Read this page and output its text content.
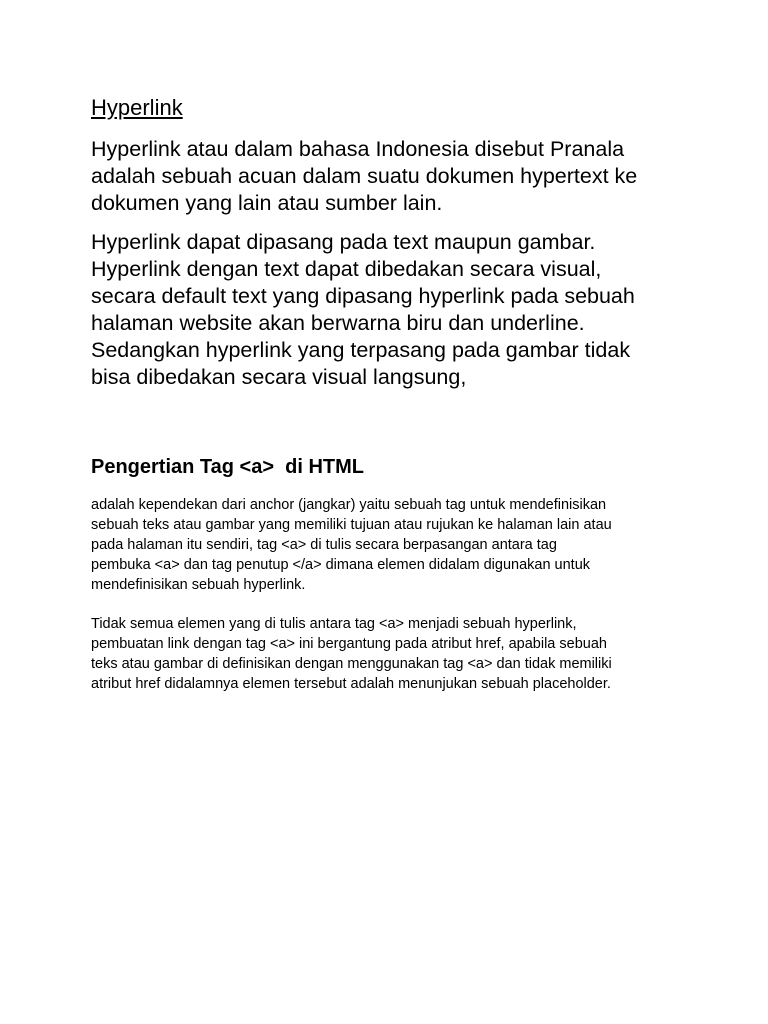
Hyperlink

Hyperlink atau dalam bahasa Indonesia disebut Pranala
adalah sebuah acuan dalam suatu dokumen hypertext ke
dokumen yang lain atau sumber lain.

Hyperlink dapat dipasang pada text maupun gambar.
Hyperlink dengan text dapat dibedakan secara visual,
secara default text yang dipasang hyperlink pada sebuah
halaman website akan berwarna biru dan underline.
Sedangkan hyperlink yang terpasang pada gambar tidak
bisa dibedakan secara visual langsung,

Pengertian Tag <a>  di HTML

adalah kependekan dari anchor (jangkar) yaitu sebuah tag untuk mendefinisikan
sebuah teks atau gambar yang memiliki tujuan atau rujukan ke halaman lain atau
pada halaman itu sendiri, tag <a> di tulis secara berpasangan antara tag
pembuka <a> dan tag penutup </a> dimana elemen didalam digunakan untuk
mendefinisikan sebuah hyperlink.

Tidak semua elemen yang di tulis antara tag <a> menjadi sebuah hyperlink,
pembuatan link dengan tag <a> ini bergantung pada atribut href, apabila sebuah
teks atau gambar di definisikan dengan menggunakan tag <a> dan tidak memiliki
atribut href didalamnya elemen tersebut adalah menunjukan sebuah placeholder.
